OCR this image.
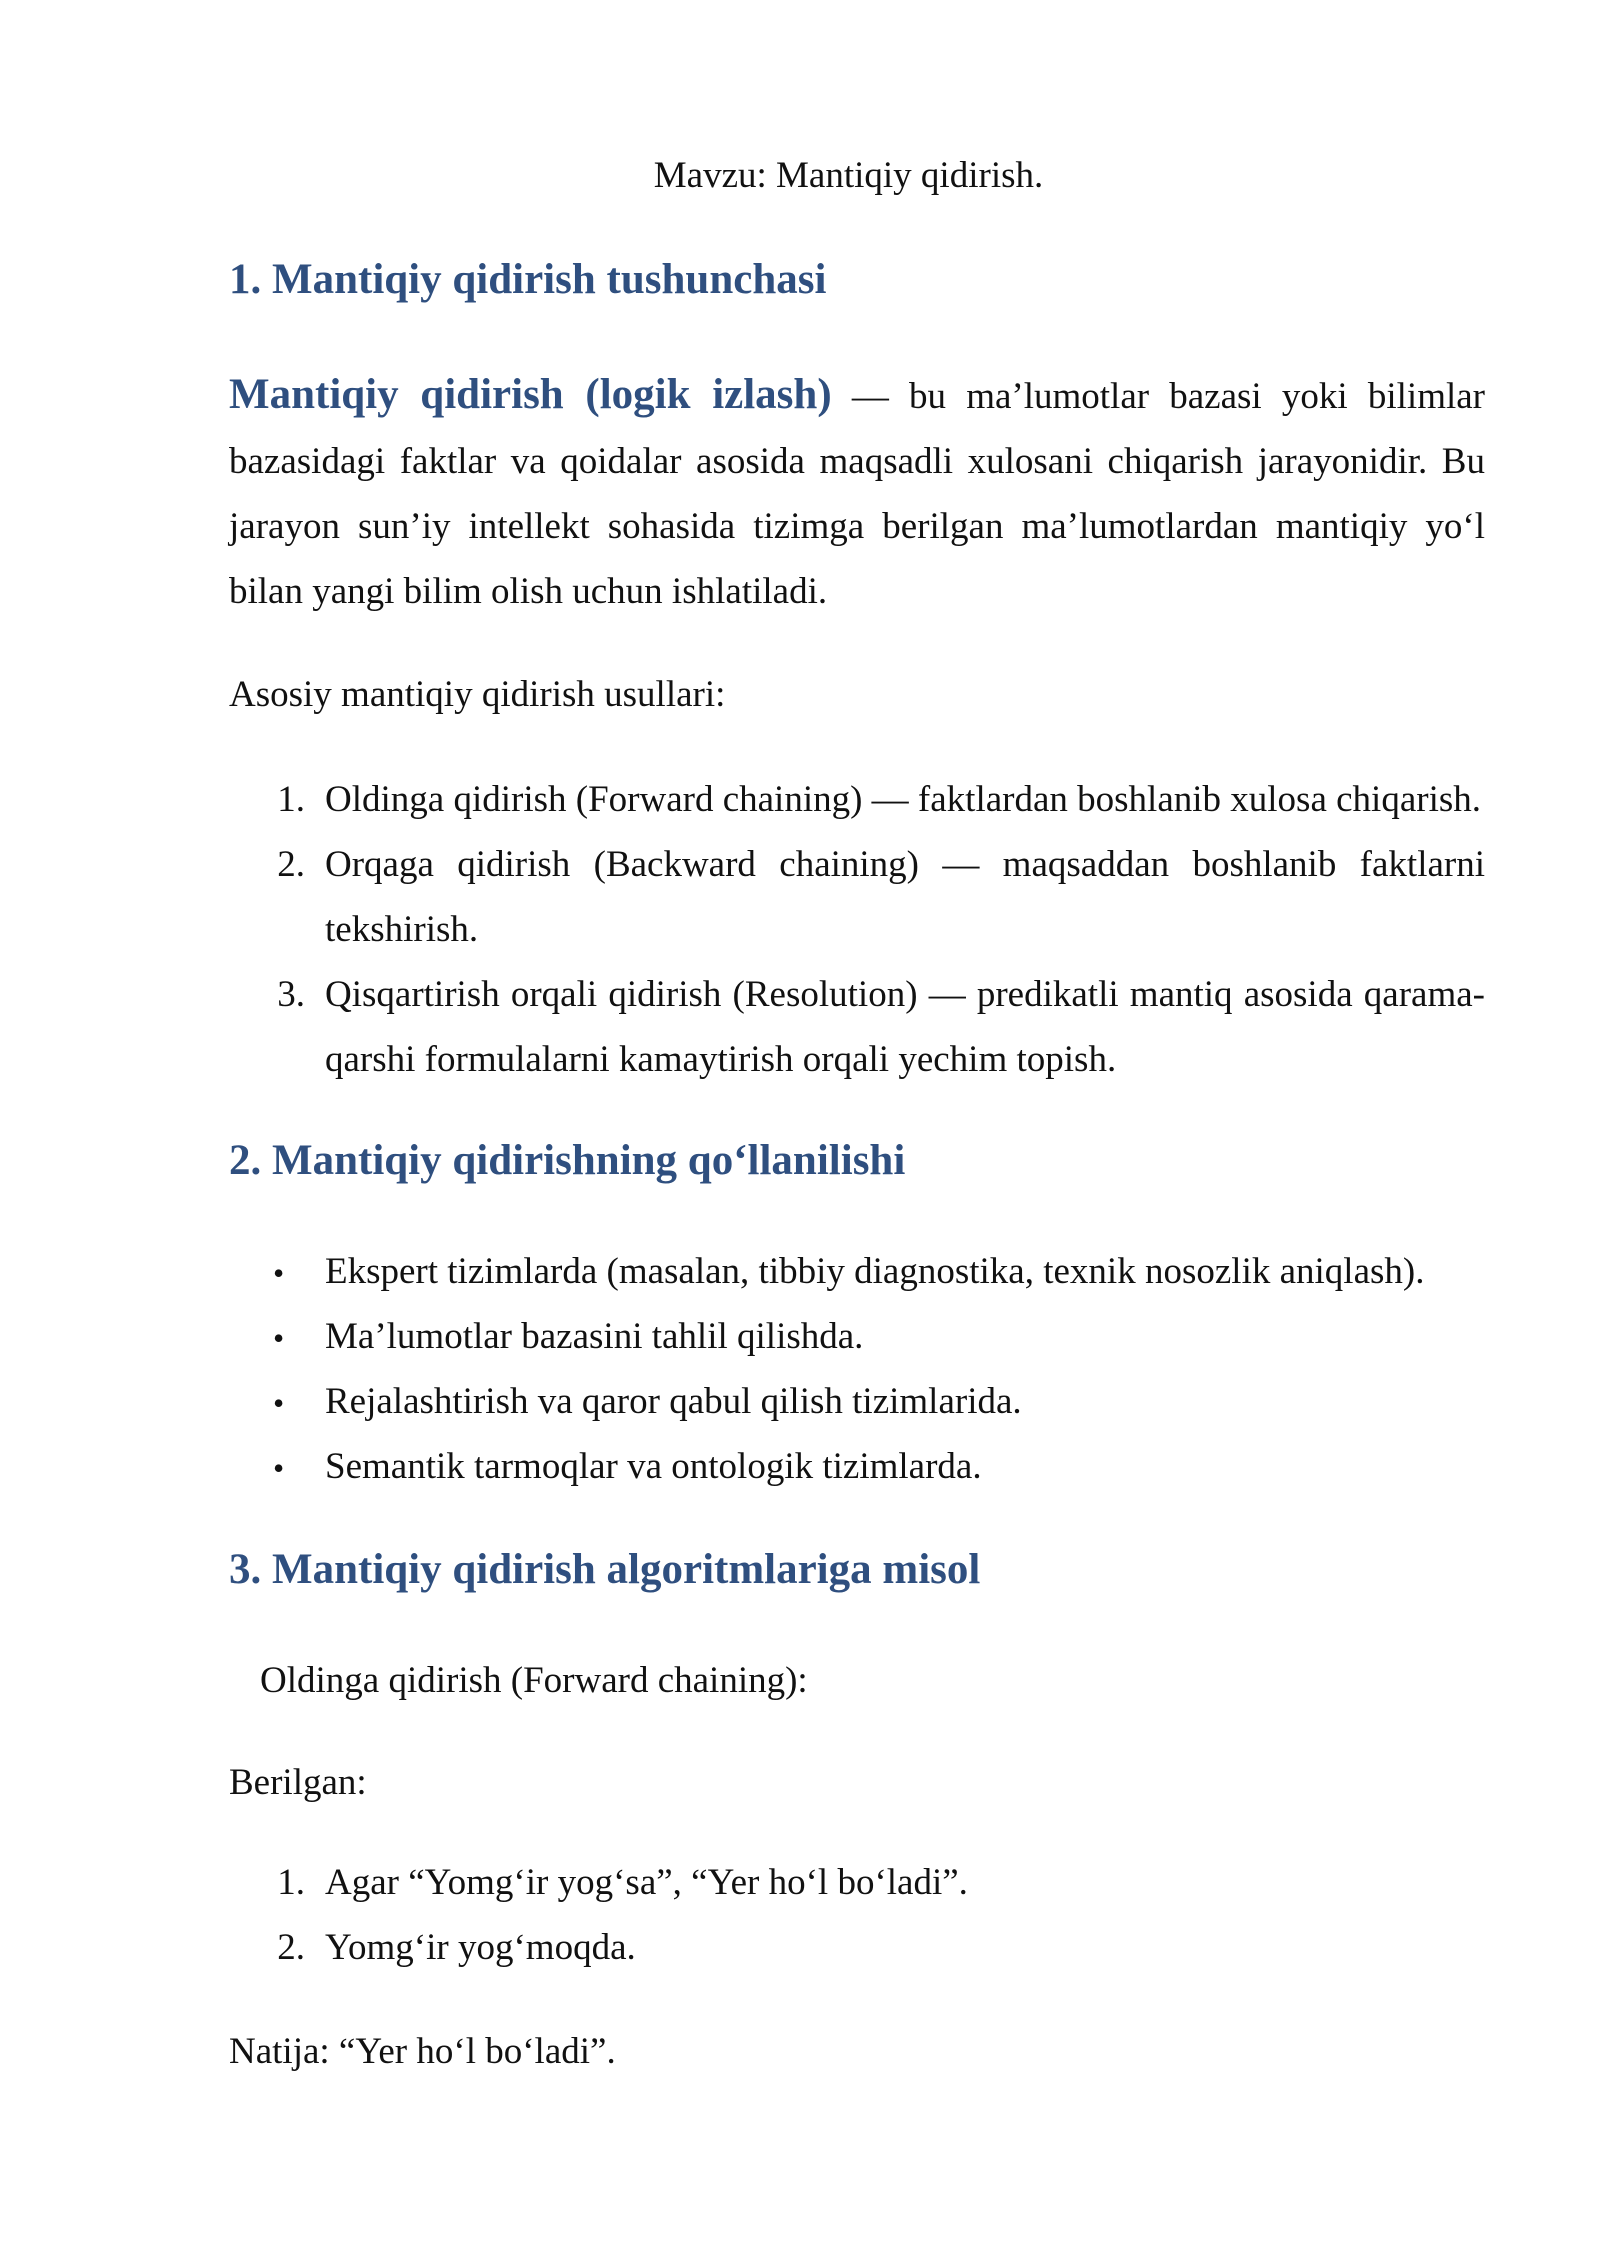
Mavzu: Mantiqiy qidirish.
1. Mantiqiy qidirish tushunchasi

Mantiqiy qidirish (logik izlash) — bu ma’lumotlar bazasi yoki bilimlar bazasidagi faktlar va qoidalar asosida maqsadli xulosani chiqarish jarayonidir. Bu jarayon sun’iy intellekt sohasida tizimga berilgan ma’lumotlardan mantiqiy yo‘l bilan yangi bilim olish uchun ishlatiladi.

Asosiy mantiqiy qidirish usullari:
1. Oldinga qidirish (Forward chaining) — faktlardan boshlanib xulosa chiqarish.

2. Orqaga qidirish (Backward chaining) — maqsaddan boshlanib faktlarni tekshirish.

3. Qisqartirish orqali qidirish (Resolution) — predikatli mantiq asosida qarama-qarshi formulalarni kamaytirish orqali yechim topish.

2. Mantiqiy qidirishning qo‘llanilishi
• Ekspert tizimlarda (masalan, tibbiy diagnostika, texnik nosozlik aniqlash).
• Ma’lumotlar bazasini tahlil qilishda.
• Rejalashtirish va qaror qabul qilish tizimlarida.
• Semantik tarmoqlar va ontologik tizimlarda.
3. Mantiqiy qidirish algoritmlariga misol
Oldinga qidirish (Forward chaining):
Berilgan:
1. Agar “Yomg‘ir yog‘sa”, “Yer ho‘l bo‘ladi”.
2. Yomg‘ir yog‘moqda.
Natija: “Yer ho‘l bo‘ladi”.
